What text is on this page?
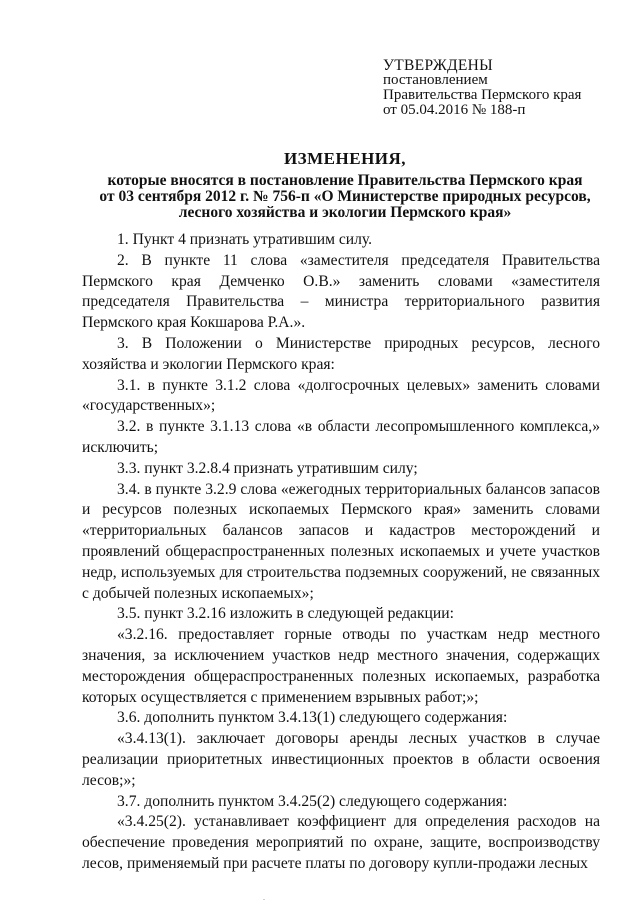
УТВЕРЖДЕНЫ
постановлением
Правительства Пермского края
от 05.04.2016 № 188-п
ИЗМЕНЕНИЯ,
которые вносятся в постановление Правительства Пермского края
от 03 сентября 2012 г. № 756-п «О Министерстве природных ресурсов,
лесного хозяйства и экологии Пермского края»

1. Пункт 4 признать утратившим силу.

2. В пункте 11 слова «заместителя председателя Правительства Пермского края Демченко О.В.» заменить словами «заместителя председателя Правительства – министра территориального развития Пермского края Кокшарова Р.А.».

3. В Положении о Министерстве природных ресурсов, лесного хозяйства и экологии Пермского края:

3.1. в пункте 3.1.2 слова «долгосрочных целевых» заменить словами «государственных»;

3.2. в пункте 3.1.13 слова «в области лесопромышленного комплекса,» исключить;

3.3. пункт 3.2.8.4 признать утратившим силу;

3.4. в пункте 3.2.9 слова «ежегодных территориальных балансов запасов и ресурсов полезных ископаемых Пермского края» заменить словами «территориальных балансов запасов и кадастров месторождений и проявлений общераспространенных полезных ископаемых и учете участков недр, используемых для строительства подземных сооружений, не связанных с добычей полезных ископаемых»;

3.5. пункт 3.2.16 изложить в следующей редакции:

«3.2.16. предоставляет горные отводы по участкам недр местного значения, за исключением участков недр местного значения, содержащих месторождения общераспространенных полезных ископаемых, разработка которых осуществляется с применением взрывных работ;»;

3.6. дополнить пунктом 3.4.13(1) следующего содержания:

«3.4.13(1). заключает договоры аренды лесных участков в случае реализации приоритетных инвестиционных проектов в области освоения лесов;»;

3.7. дополнить пунктом 3.4.25(2) следующего содержания:

«3.4.25(2). устанавливает коэффициент для определения расходов на обеспечение проведения мероприятий по охране, защите, воспроизводству лесов, применяемый при расчете платы по договору купли-продажи лесных

.
